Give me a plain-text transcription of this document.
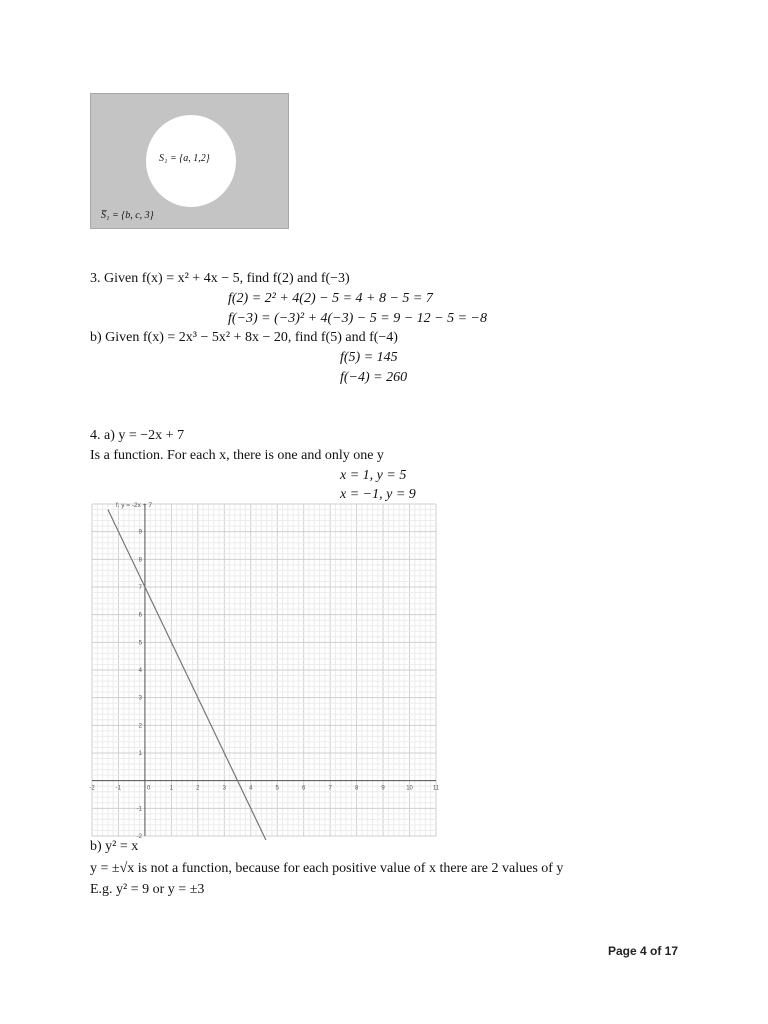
S₁ = {a, 1,2}
S̅₁ = {b, c, 3}
3. Given f(x) = x² + 4x − 5, find f(2) and f(−3)
f(2) = 2² + 4(2) − 5 = 4 + 8 − 5 = 7
f(−3) = (−3)² + 4(−3) − 5 = 9 − 12 − 5 = −8
b) Given f(x) = 2x³ − 5x² + 8x − 20, find f(5) and f(−4)
f(5) = 145
f(−4) = 260
4. a) y = −2x + 7
Is a function. For each x, there is one and only one y
x = 1, y = 5
x = −1, y = 9
-2	-1	0	1	2	3	4	5	6	7	8	9	10	11
-2
-1
1
2
3
4
5
6
7
8
9
f: y = -2x + 7
b) y² = x
y = ±√x is not a function, because for each positive value of x there are 2 values of y
E.g. y² = 9 or y = ±3
Page 4 of 17
